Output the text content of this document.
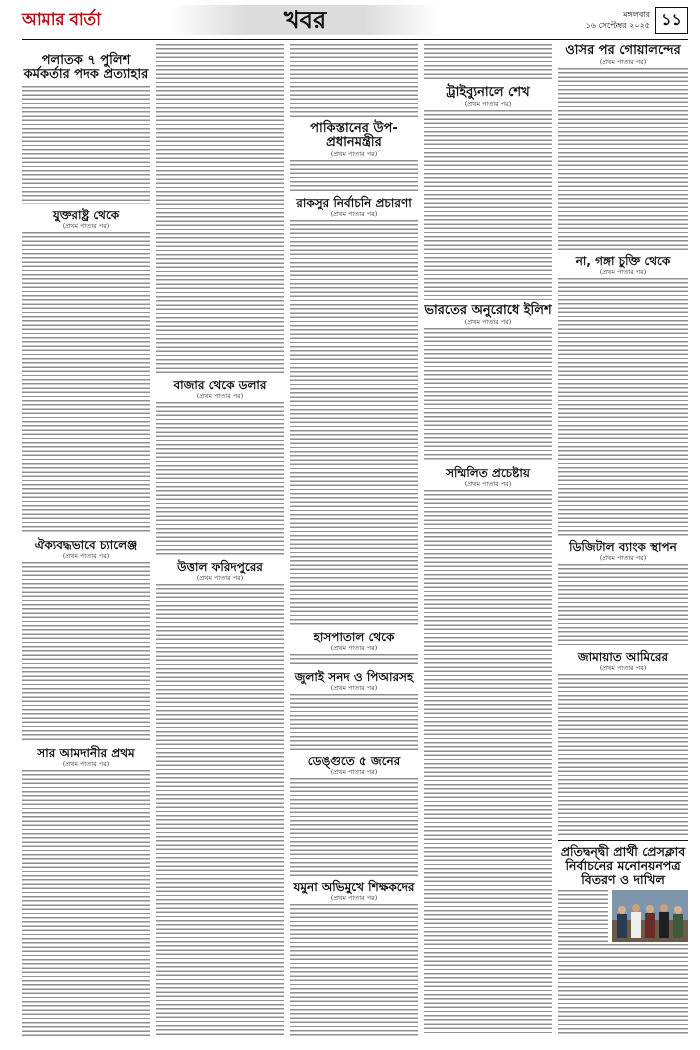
আমার বার্তা	খবর	মঙ্গলবার
১৬ সেপ্টেম্বর ২০২৫ ১১
পলাতক ৭ পুলিশ কর্মকর্তার পদক প্রত্যাহার
যুক্তরাষ্ট্র থেকে
(প্রথম পাতার পর)
ঐক্যবদ্ধভাবে চ্যালেঞ্জ
(প্রথম পাতার পর)
সার আমদানীর প্রথম
(প্রথম পাতার পর)
বাজার থেকে ডলার
(প্রথম পাতার পর)
উত্তাল ফরিদপুরের
(প্রথম পাতার পর)
পাকিস্তানের উপ-প্রধানমন্ত্রীর
(প্রথম পাতার পর)
রাকসুর নির্বাচনি প্রচারণা
(প্রথম পাতার পর)
হাসপাতাল থেকে
(প্রথম পাতার পর)
জুলাই সনদ ও পিআরসহ
(প্রথম পাতার পর)
ডেঙ্গুতে ৫ জনের
(প্রথম পাতার পর)
যমুনা অভিমুখে শিক্ষকদের
(প্রথম পাতার পর)
ট্রাইব্যুনালে শেখ
(প্রথম পাতার পর)
ভারতের অনুরোধে ইলিশ
(প্রথম পাতার পর)
সম্মিলিত প্রচেষ্টায়
(প্রথম পাতার পর)
ওসির পর গোয়ালন্দের
(প্রথম পাতার পর)
না, গঙ্গা চুক্তি থেকে
(প্রথম পাতার পর)
ডিজিটাল ব্যাংক স্থাপন
(প্রথম পাতার পর)
জামায়াত আমিরের
(প্রথম পাতার পর)
প্রতিদ্বন্দ্বী প্রার্থী প্রেসক্লাব নির্বাচনের মনোনয়নপত্র বিতরণ ও দাখিল
